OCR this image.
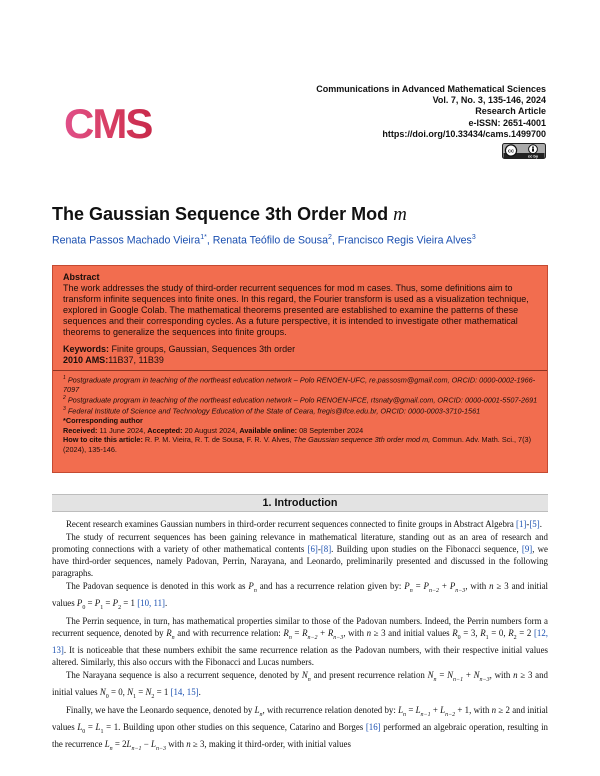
CMS
Communications in Advanced Mathematical Sciences
Vol. 7, No. 3, 135-146, 2024
Research Article
e-ISSN: 2651-4001
https://doi.org/10.33434/cams.1499700
cc
cc by
The Gaussian Sequence 3th Order Mod m
Renata Passos Machado Vieira$^{1*}$, Renata Teófilo de Sousa$^2$, Francisco Regis Vieira Alves$^3$
Abstract
The work addresses the study of third-order recurrent sequences for mod m cases. Thus, some definitions aim to transform infinite sequences into finite ones. In this regard, the Fourier transform is used as a visualization technique, explored in Google Colab. The mathematical theorems presented are established to examine the patterns of these sequences and their corresponding cycles. As a future perspective, it is intended to investigate other mathematical theorems to generalize the sequences into finite groups.
Keywords: Finite groups, Gaussian, Sequences 3th order
2010 AMS:11B37, 11B39
$^1$ Postgraduate program in teaching of the northeast education network – Polo RENOEN-UFC, re.passosm@gmail.com, ORCID: 0000-0002-1966-7097
$^2$ Postgraduate program in teaching of the northeast education network – Polo RENOEN-IFCE, rtsnaty@gmail.com, ORCID: 0000-0001-5507-2691
$^3$ Federal Institute of Science and Technology Education of the State of Ceara, fregis@ifce.edu.br, ORCID: 0000-0003-3710-1561
*Corresponding author
Received: 11 June 2024, Accepted: 20 August 2024, Available online: 08 September 2024
How to cite this article: R. P. M. Vieira, R. T. de Sousa, F. R. V. Alves, The Gaussian sequence 3th order mod m, Commun. Adv. Math. Sci., 7(3) (2024), 135-146.
1. Introduction

Recent research examines Gaussian numbers in third-order recurrent sequences connected to finite groups in Abstract Algebra [1]-[5].

The study of recurrent sequences has been gaining relevance in mathematical literature, standing out as an area of research and promoting connections with a variety of other mathematical contents [6]-[8]. Building upon studies on the Fibonacci sequence, [9], we have third-order sequences, namely Padovan, Perrin, Narayana, and Leonardo, preliminarily presented and discussed in the following paragraphs.

The Padovan sequence is denoted in this work as $P_n$ and has a recurrence relation given by: $P_n = P_{n-2} + P_{n-3}$, with n ≥ 3 and initial values $P_0 = P_1 = P_2 = 1$ [10, 11].

The Perrin sequence, in turn, has mathematical properties similar to those of the Padovan numbers. Indeed, the Perrin numbers form a recurrent sequence, denoted by $R_n$ and with recurrence relation: $R_n = R_{n-2} + R_{n-3}$, with n ≥ 3 and initial values $R_0 = 3$, $R_1 = 0$, $R_2 = 2$ [12, 13]. It is noticeable that these numbers exhibit the same recurrence relation as the Padovan numbers, with their respective initial values altered. Similarly, this also occurs with the Fibonacci and Lucas numbers.

The Narayana sequence is also a recurrent sequence, denoted by $N_n$ and present recurrence relation $N_n = N_{n-1} + N_{n-3}$, with n ≥ 3 and initial values $N_0 = 0$, $N_1 = N_2 = 1$ [14, 15].

Finally, we have the Leonardo sequence, denoted by $L_n$, with recurrence relation denoted by: $L_n = L_{n-1} + L_{n-2} + 1$, with n ≥ 2 and initial values $L_0 = L_1 = 1$. Building upon other studies on this sequence, Catarino and Borges [16] performed an algebraic operation, resulting in the recurrence $L_n = 2L_{n-1} - L_{n-3}$ with n ≥ 3, making it third-order, with initial values
